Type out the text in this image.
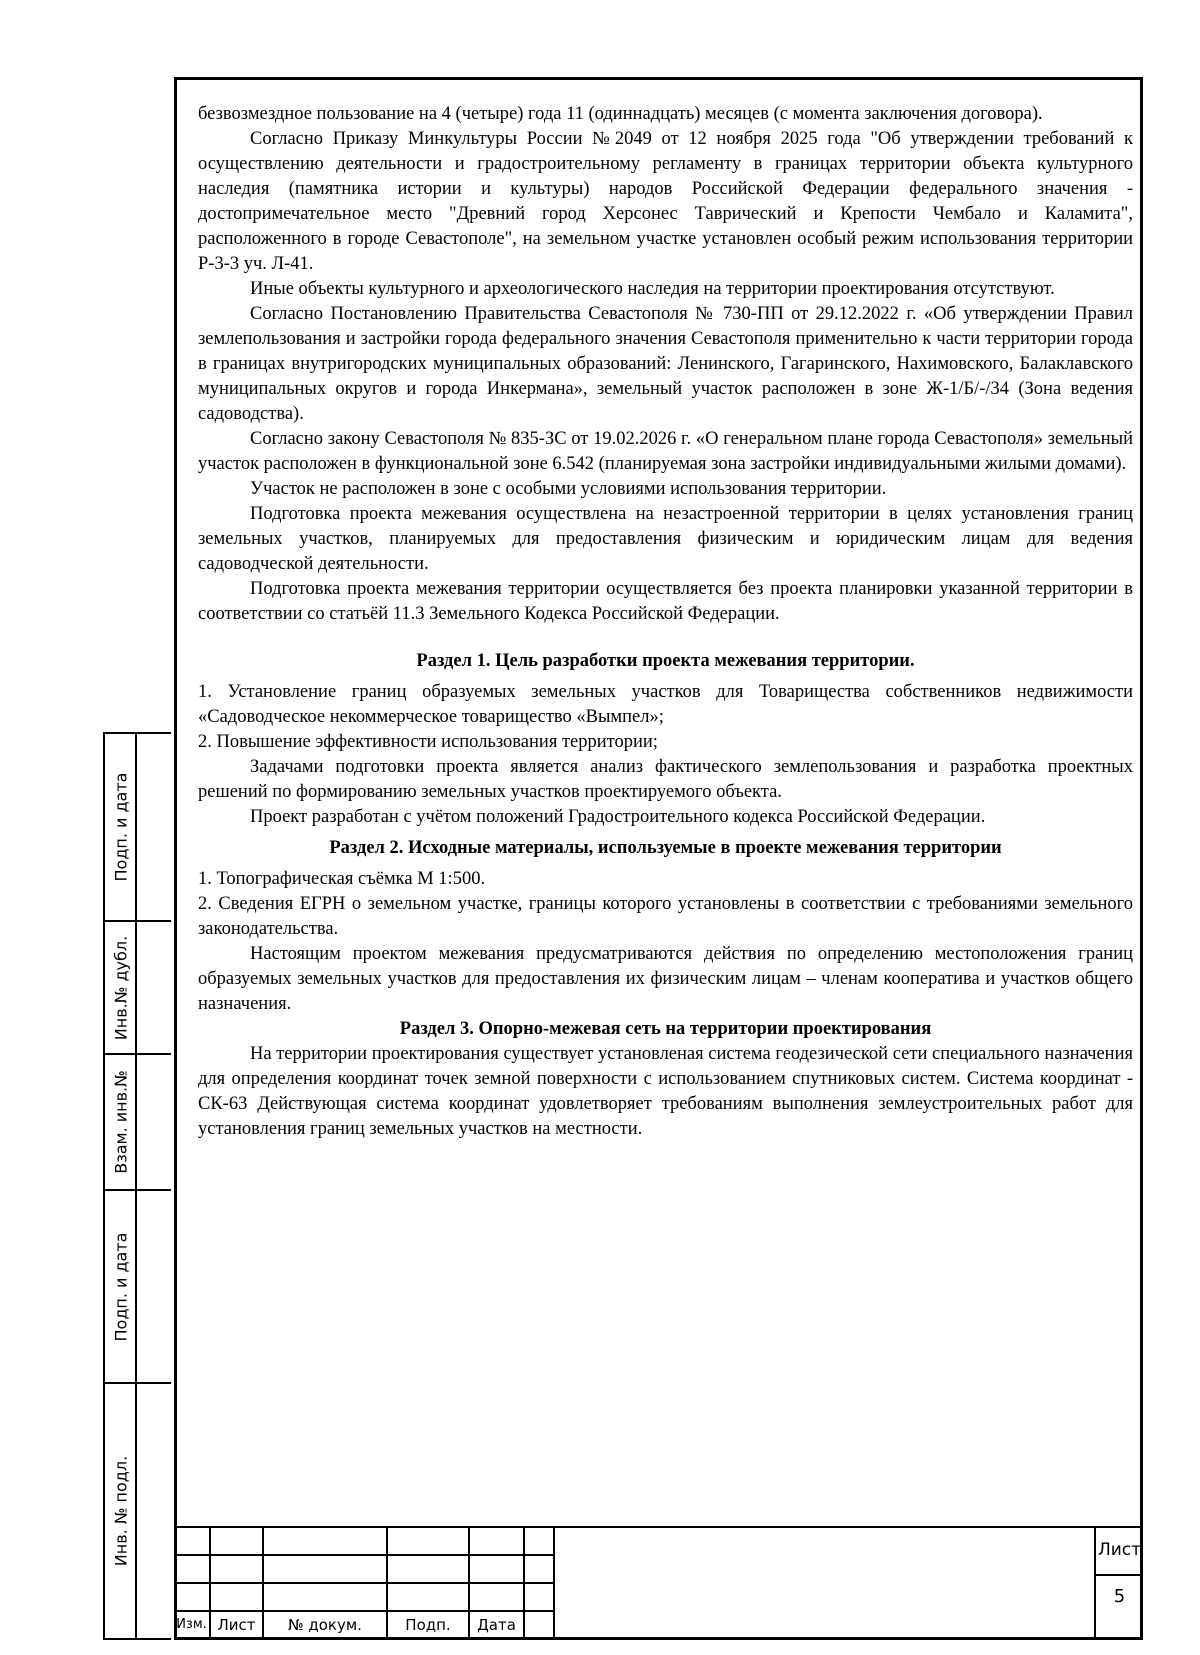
безвозмездное пользование на 4 (четыре) года 11 (одиннадцать) месяцев (с момента заключения договора).

Согласно Приказу Минкультуры России №2049 от 12 ноября 2025 года "Об утверждении требований к осуществлению деятельности и градостроительному регламенту в границах территории объекта культурного наследия (памятника истории и культуры) народов Российской Федерации федерального значения - достопримечательное место "Древний город Херсонес Таврический и Крепости Чембало и Каламита", расположенного в городе Севастополе", на земельном участке установлен особый режим использования территории Р-3-3 уч. Л-41.

Иные объекты культурного и археологического наследия на территории проектирования отсутствуют.

Согласно Постановлению Правительства Севастополя № 730-ПП от 29.12.2022 г. «Об утверждении Правил землепользования и застройки города федерального значения Севастополя применительно к части территории города в границах внутригородских муниципальных образований: Ленинского, Гагаринского, Нахимовского, Балаклавского муниципальных округов и города Инкермана», земельный участок расположен в зоне Ж-1/Б/-/34 (Зона ведения садоводства).

Согласно закону Севастополя № 835-ЗС от 19.02.2026 г. «О генеральном плане города Севастополя» земельный участок расположен в функциональной зоне 6.542 (планируемая зона застройки индивидуальными жилыми домами).

Участок не расположен в зоне с особыми условиями использования территории.

Подготовка проекта межевания осуществлена на незастроенной территории в целях установления границ земельных участков, планируемых для предоставления физическим и юридическим лицам для ведения садоводческой деятельности.

Подготовка проекта межевания территории осуществляется без проекта планировки указанной территории в соответствии со статьёй 11.3 Земельного Кодекса Российской Федерации.

Раздел 1. Цель разработки проекта межевания территории.

1. Установление границ образуемых земельных участков для Товарищества собственников недвижимости «Садоводческое некоммерческое товарищество «Вымпел»;

2. Повышение эффективности использования территории;

Задачами подготовки проекта является анализ фактического землепользования и разработка проектных решений по формированию земельных участков проектируемого объекта.

Проект разработан с учётом положений Градостроительного кодекса Российской Федерации.

Раздел 2. Исходные материалы, используемые в проекте межевания территории

1. Топографическая съёмка М 1:500.

2. Сведения ЕГРН о земельном участке, границы которого установлены в соответствии с требованиями земельного законодательства.

Настоящим проектом межевания предусматриваются действия по определению местоположения границ образуемых земельных участков для предоставления их физическим лицам – членам кооператива и участков общего назначения.

Раздел 3. Опорно-межевая сеть на территории проектирования

На территории проектирования существует установленая система геодезической сети специального назначения для определения координат точек земной поверхности с использованием спутниковых систем. Система координат - СК-63 Действующая система координат удовлетворяет требованиям выполнения землеустроительных работ для установления границ земельных участков на местности.

Подп. и дата
Инв.№ дубл.
Взам. инв.№
Подп. и дата
Инв. № подл.
Изм. Лист	№ докум.	Подп.	Дата
Лист
5
